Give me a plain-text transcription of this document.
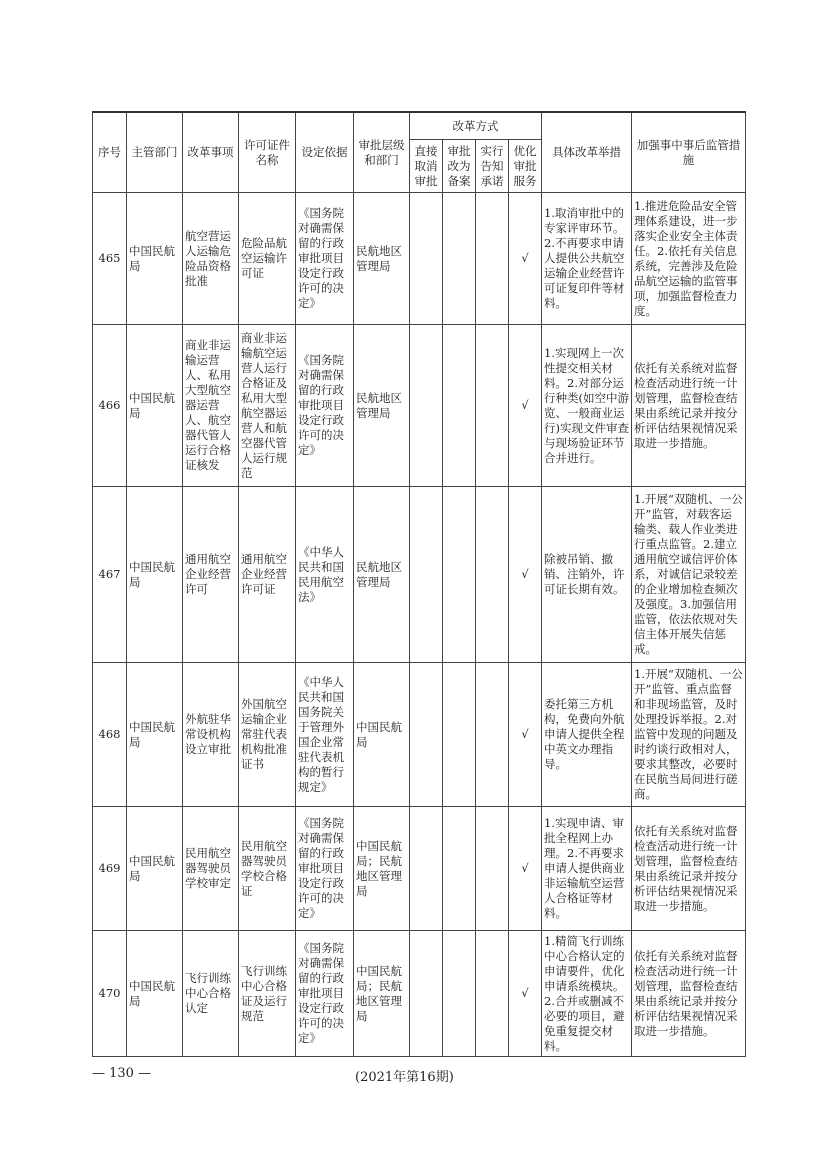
序号	主管部门	改革事项	许可证件名称	设定依据	审批层级和部门	改革方式				具体改革举措	加强事中事后监管措施
						直接取消审批	审批改为备案	实行告知承诺	优化审批服务		
465	中国民航局	航空营运人运输危险品资格批准	危险品航空运输许可证	《国务院对确需保留的行政审批项目设定行政许可的决定》	民航地区管理局				√	1.取消审批中的专家评审环节。2.不再要求申请人提供公共航空运输企业经营许可证复印件等材料。	1.推进危险品安全管理体系建设，进一步落实企业安全主体责任。2.依托有关信息系统，完善涉及危险品航空运输的监管事项，加强监督检查力度。
466	中国民航局	商业非运输运营人、私用大型航空器运营人、航空器代管人运行合格证核发	商业非运输航空运营人运行合格证及私用大型航空器运营人和航空器代管人运行规范	《国务院对确需保留的行政审批项目设定行政许可的决定》	民航地区管理局				√	1.实现网上一次性提交相关材料。2.对部分运行种类(如空中游览、一般商业运行)实现文件审查与现场验证环节合并进行。	依托有关系统对监督检查活动进行统一计划管理，监督检查结果由系统记录并按分析评估结果视情况采取进一步措施。
467	中国民航局	通用航空企业经营许可	通用航空企业经营许可证	《中华人民共和国民用航空法》	民航地区管理局				√	除被吊销、撤销、注销外，许可证长期有效。	1.开展“双随机、一公开”监管，对载客运输类、载人作业类进行重点监管。2.建立通用航空诚信评价体系，对诚信记录较差的企业增加检查频次及强度。3.加强信用监管，依法依规对失信主体开展失信惩戒。
468	中国民航局	外航驻华常设机构设立审批	外国航空运输企业常驻代表机构批准证书	《中华人民共和国国务院关于管理外国企业常驻代表机构的暂行规定》	中国民航局				√	委托第三方机构，免费向外航申请人提供全程中英文办理指导。	1.开展“双随机、一公开”监管、重点监督和非现场监管，及时处理投诉举报。2.对监管中发现的问题及时约谈行政相对人，要求其整改，必要时在民航当局间进行磋商。
469	中国民航局	民用航空器驾驶员学校审定	民用航空器驾驶员学校合格证	《国务院对确需保留的行政审批项目设定行政许可的决定》	中国民航局；民航地区管理局				√	1.实现申请、审批全程网上办理。2.不再要求申请人提供商业非运输航空运营人合格证等材料。	依托有关系统对监督检查活动进行统一计划管理，监督检查结果由系统记录并按分析评估结果视情况采取进一步措施。
470	中国民航局	飞行训练中心合格认定	飞行训练中心合格证及运行规范	《国务院对确需保留的行政审批项目设定行政许可的决定》	中国民航局；民航地区管理局				√	1.精简飞行训练中心合格认定的申请要件，优化申请系统模块。2.合并或删减不必要的项目，避免重复提交材料。	依托有关系统对监督检查活动进行统一计划管理，监督检查结果由系统记录并按分析评估结果视情况采取进一步措施。
— 130 —	(2021年第16期)
